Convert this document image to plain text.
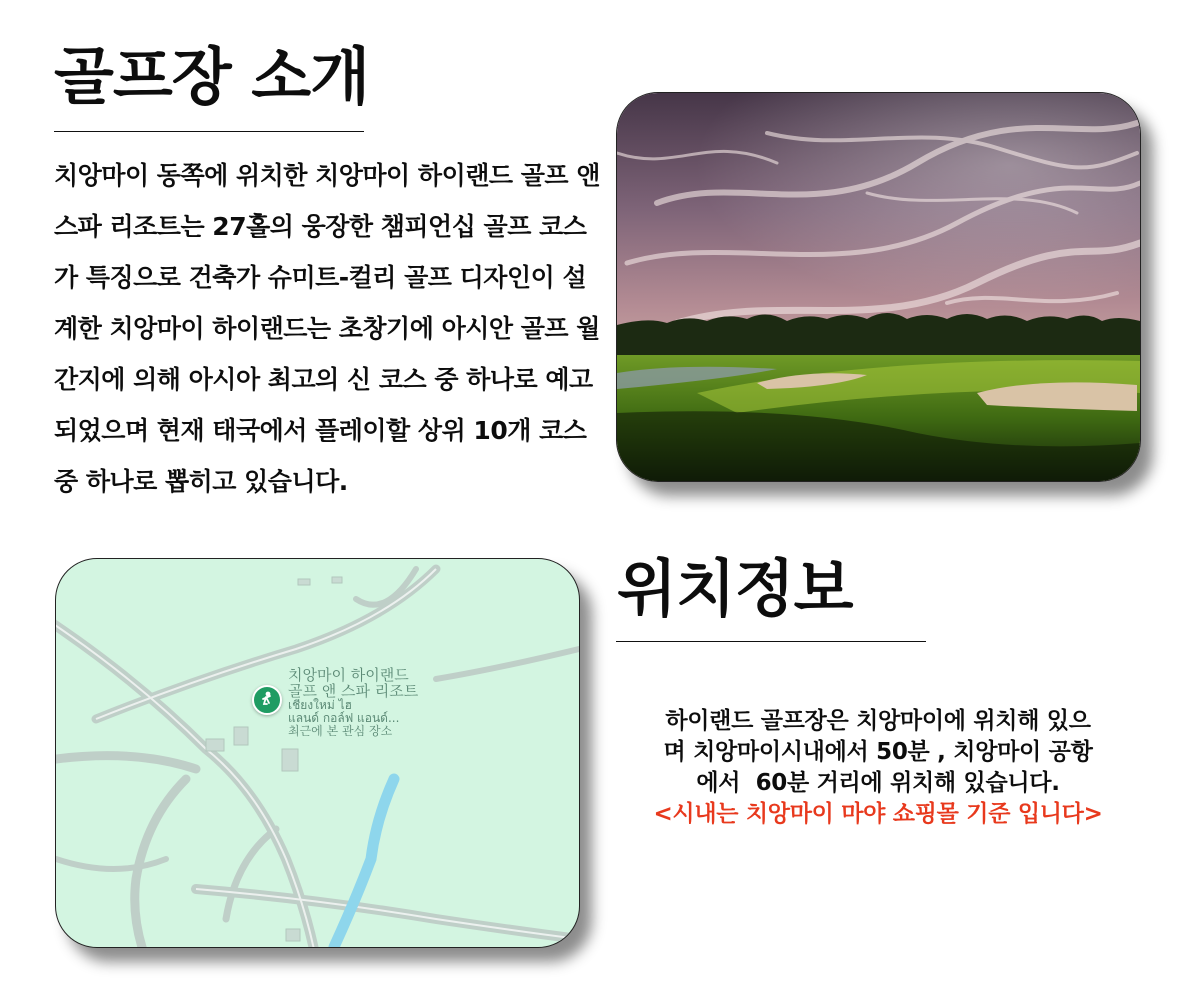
골프장 소개

치앙마이 동쪽에 위치한 치앙마이 하이랜드 골프 앤 스파 리조트는 27홀의 웅장한 챔피언십 골프 코스가 특징으로 건축가 슈미트-컬리 골프 디자인이 설계한 치앙마이 하이랜드는 초창기에 아시안 골프 월간지에 의해 아시아 최고의 신 코스 중 하나로 예고되었으며 현재 태국에서 플레이할 상위 10개 코스 중 하나로 뽑히고 있습니다.

치앙마이 하이랜드
골프 앤 스파 리조트
เชียงใหม่ ไฮ
แลนด์ กอล์ฟ แอนด์...
최근에 본 관심 장소

위치정보

하이랜드 골프장은 치앙마이에 위치해 있으
며 치앙마이시내에서 50분 , 치앙마이 공항
에서  60분 거리에 위치해 있습니다.
<시내는 치앙마이 마야 쇼핑몰 기준 입니다>
